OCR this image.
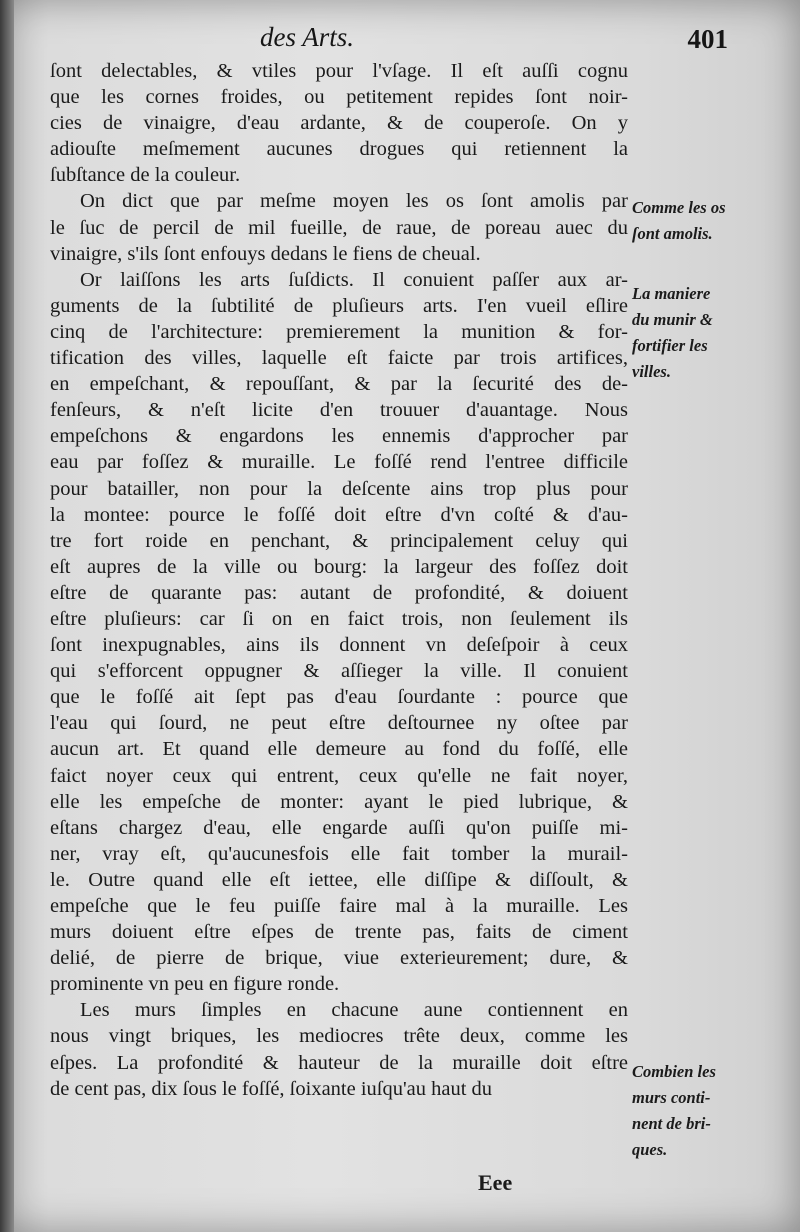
des Arts.	401
ſont delectables, & vtiles pour l'vſage. Il eſt auſſi cognu
que les cornes froides, ou petitement repides ſont noir-
cies de vinaigre, d'eau ardante, & de couperoſe. On y
adiouſte meſmement aucunes drogues qui retiennent la
ſubſtance de la couleur.
On dict que par meſme moyen les os ſont amolis par
le ſuc de percil de mil fueille, de raue, de poreau auec du
vinaigre, s'ils ſont enfouys dedans le fiens de cheual.
Or laiſſons les arts ſuſdicts. Il conuient paſſer aux ar-
guments de la ſubtilité de pluſieurs arts. I'en vueil eſlire
cinq de l'architecture: premierement la munition & for-
tification des villes, laquelle eſt faicte par trois artifices,
en empeſchant, & repouſſant, & par la ſecurité des de-
fenſeurs, & n'eſt licite d'en trouuer d'auantage. Nous
empeſchons & engardons les ennemis d'approcher par
eau par foſſez & muraille. Le foſſé rend l'entree difficile
pour batailler, non pour la deſcente ains trop plus pour
la montee: pource le foſſé doit eſtre d'vn coſté & d'au-
tre fort roide en penchant, & principalement celuy qui
eſt aupres de la ville ou bourg: la largeur des foſſez doit
eſtre de quarante pas: autant de profondité, & doiuent
eſtre pluſieurs: car ſi on en faict trois, non ſeulement ils
ſont inexpugnables, ains ils donnent vn deſeſpoir à ceux
qui s'efforcent oppugner & aſſieger la ville. Il conuient
que le foſſé ait ſept pas d'eau ſourdante : pource que
l'eau qui ſourd, ne peut eſtre deſtournee ny oſtee par
aucun art. Et quand elle demeure au fond du foſſé, elle
faict noyer ceux qui entrent, ceux qu'elle ne fait noyer,
elle les empeſche de monter: ayant le pied lubrique, &
eſtans chargez d'eau, elle engarde auſſi qu'on puiſſe mi-
ner, vray eſt, qu'aucunesfois elle fait tomber la murail-
le. Outre quand elle eſt iettee, elle diſſipe & diſſoult, &
empeſche que le feu puiſſe faire mal à la muraille. Les
murs doiuent eſtre eſpes de trente pas, faits de ciment
delié, de pierre de brique, viue exterieurement; dure, &
prominente vn peu en figure ronde.
Les murs ſimples en chacune aune contiennent en
nous vingt briques, les mediocres trête deux, comme les
eſpes. La profondité & hauteur de la muraille doit eſtre
de cent pas, dix ſous le foſſé, ſoixante iuſqu'au haut du
Comme les os
ſont amolis.
La maniere
du munir &
fortifier les
villes.
Combien les
murs conti-
nent de bri-
ques.
Eee
